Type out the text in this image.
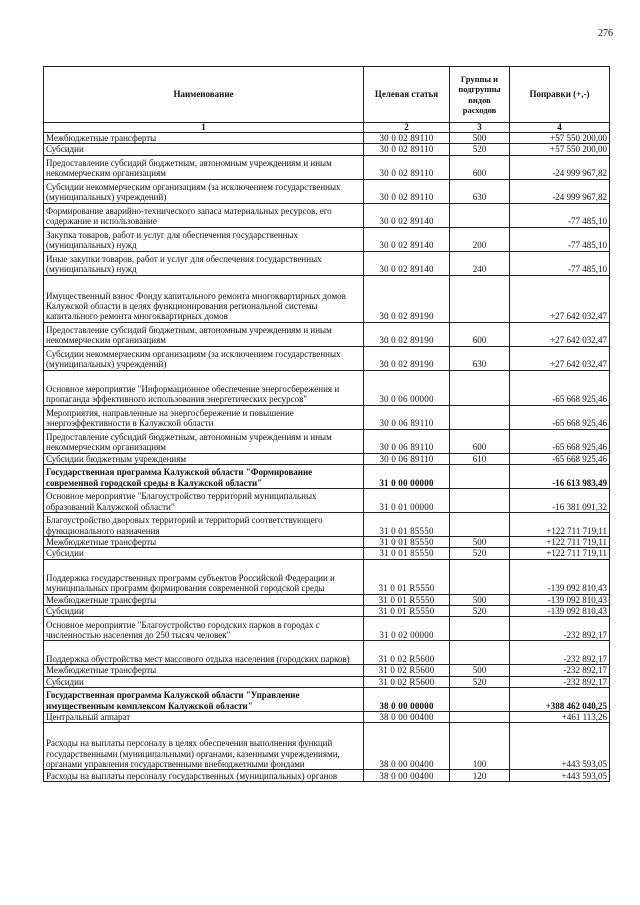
276
Наименование	Целевая статья	Группы и подгруппы видов расходов	Поправки (+,-)
1	2	3	4
Межбюджетные трансферты	30 0 02 89110	500	+57 550 200,00
Субсидии	30 0 02 89110	520	+57 550 200,00
Предоставление субсидий бюджетным, автономным учреждениям и иным некоммерческим организациям	30 0 02 89110	600	-24 999 967,82
Субсидии некоммерческим организациям (за исключением государственных (муниципальных) учреждений)	30 0 02 89110	630	-24 999 967,82
Формирование аварийно-технического запаса материальных ресурсов, его содержание и использование	30 0 02 89140		-77 485,10
Закупка товаров, работ и услуг для обеспечения государственных (муниципальных) нужд	30 0 02 89140	200	-77 485,10
Иные закупки товаров, работ и услуг для обеспечения государственных (муниципальных) нужд	30 0 02 89140	240	-77 485,10
Имущественный взнос Фонду капитального ремонта многоквартирных домов Калужской области в целях функционирования региональной системы капитального ремонта многоквартирных домов	30 0 02 89190		+27 642 032,47
Предоставление субсидий бюджетным, автономным учреждениям и иным некоммерческим организациям	30 0 02 89190	600	+27 642 032,47
Субсидии некоммерческим организациям (за исключением государственных (муниципальных) учреждений)	30 0 02 89190	630	+27 642 032,47
Основное мероприятие "Информационное обеспечение энергосбережения и пропаганда эффективного использования энергетических ресурсов"	30 0 06 00000		-65 668 925,46
Мероприятия, направленные на энергосбережение и повышение энергоэффективности в Калужской области	30 0 06 89110		-65 668 925,46
Предоставление субсидий бюджетным, автономным учреждениям и иным некоммерческим организациям	30 0 06 89110	600	-65 668 925,46
Субсидии бюджетным учреждениям	30 0 06 89110	610	-65 668 925,46
Государственная программа Калужской области "Формирование современной городской среды в Калужской области"	31 0 00 00000		-16 613 983,49
Основное мероприятие "Благоустройство территорий муниципальных образований Калужской области"	31 0 01 00000		-16 381 091,32
Благоустройство дворовых территорий и территорий соответствующего функционального назначения	31 0 01 85550		+122 711 719,11
Межбюджетные трансферты	31 0 01 85550	500	+122 711 719,11
Субсидии	31 0 01 85550	520	+122 711 719,11
Поддержка государственных программ субъектов Российской Федерации и муниципальных программ формирования современной городской среды	31 0 01 R5550		-139 092 810,43
Межбюджетные трансферты	31 0 01 R5550	500	-139 092 810,43
Субсидии	31 0 01 R5550	520	-139 092 810,43
Основное мероприятие "Благоустройство городских парков в городах с численностью населения до 250 тысяч человек"	31 0 02 00000		-232 892,17
Поддержка обустройства мест массового отдыха населения (городских парков)	31 0 02 R5600		-232 892,17
Межбюджетные трансферты	31 0 02 R5600	500	-232 892,17
Субсидии	31 0 02 R5600	520	-232 892,17
Государственная программа Калужской области "Управление имущественным комплексом Калужской области"	38 0 00 00000		+388 462 040,25
Центральный аппарат	38 0 00 00400		+461 113,26
Расходы на выплаты персоналу в целях обеспечения выполнения функций государственными (муниципальными) органами, казенными учреждениями, органами управления государственными внебюджетными фондами	38 0 00 00400	100	+443 593,05
Расходы на выплаты персоналу государственных (муниципальных) органов	38 0 00 00400	120	+443 593,05
